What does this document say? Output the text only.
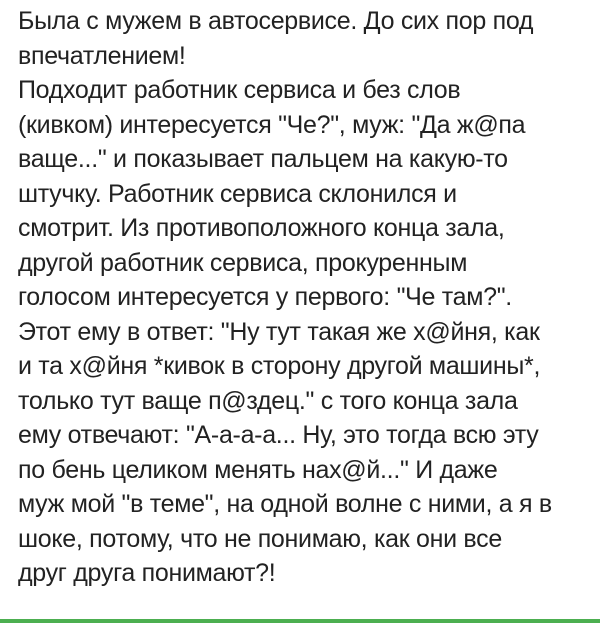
Была с мужем в автосервисе. До сих пор под
впечатлением!
Подходит работник сервиса и без слов
(кивком) интересуется "Че?", муж: "Да ж@па
ваще..." и показывает пальцем на какую-то
штучку. Работник сервиса склонился и
смотрит. Из противоположного конца зала,
другой работник сервиса, прокуренным
голосом интересуется у первого: "Че там?".
Этот ему в ответ: "Ну тут такая же х@йня, как
и та х@йня *кивок в сторону другой машины*,
только тут ваще п@здец." с того конца зала
ему отвечают: "А-а-а-а... Ну, это тогда всю эту
по бень целиком менять нах@й..." И даже
муж мой "в теме", на одной волне с ними, а я в
шоке, потому, что не понимаю, как они все
друг друга понимают?!
